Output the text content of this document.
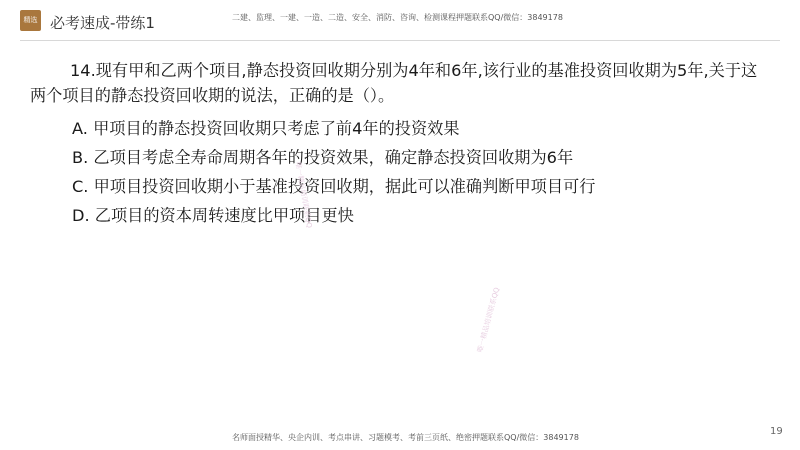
精选 必考速成-带练1	二建、监理、一建、一造、二造、安全、消防、咨询、检测课程押题联系QQ/微信：3849178

14.现有甲和乙两个项目,静态投资回收期分别为4年和6年,该行业的基准投资回收期为5年,关于这两个项目的静态投资回收期的说法，正确的是（）。

A. 甲项目的静态投资回收期只考虑了前4年的投资效果
B. 乙项目考虑全寿命周期各年的投资效果，确定静态投资回收期为6年
C. 甲项目投资回收期小于基准投资回收期，据此可以准确判断甲项目可行
D. 乙项目的资本周转速度比甲项目更快
唯一精品培训联系QQ
唯一精品培训联系QQ
19
名师面授精华、央企内训、考点串讲、习题模考、考前三页纸、绝密押题联系QQ/微信：3849178
